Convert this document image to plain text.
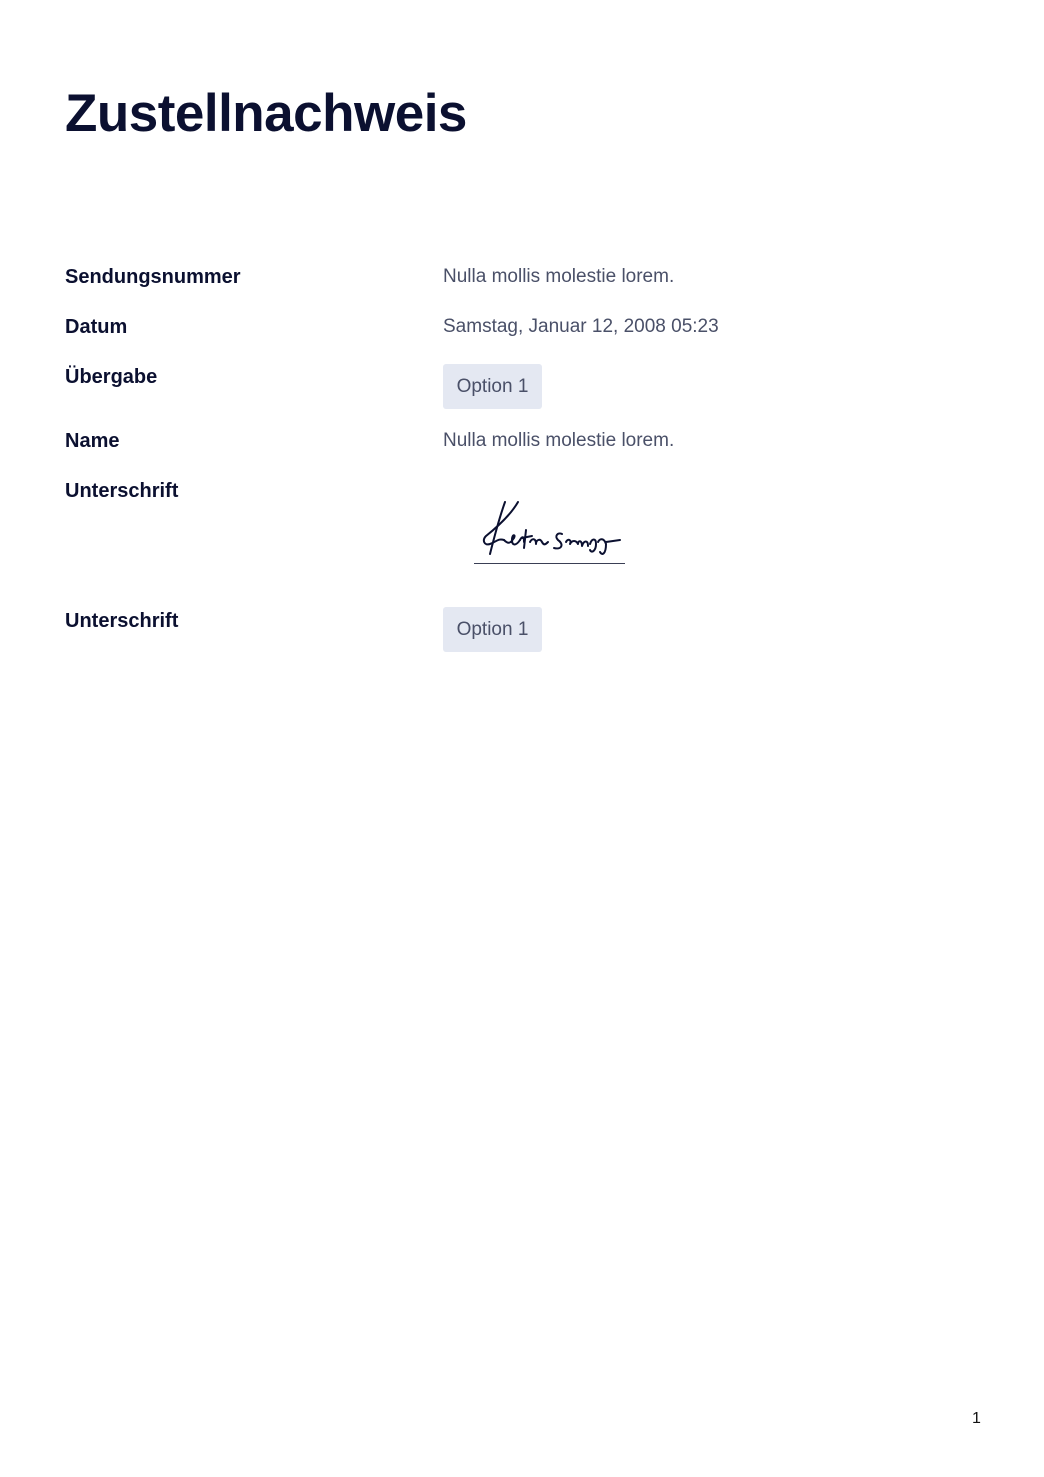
Zustellnachweis
Sendungsnummer	Nulla mollis molestie lorem.
Datum	Samstag, Januar 12, 2008 05:23
Übergabe	Option 1
Name	Nulla mollis molestie lorem.
Unterschrift
Unterschrift	Option 1
1
